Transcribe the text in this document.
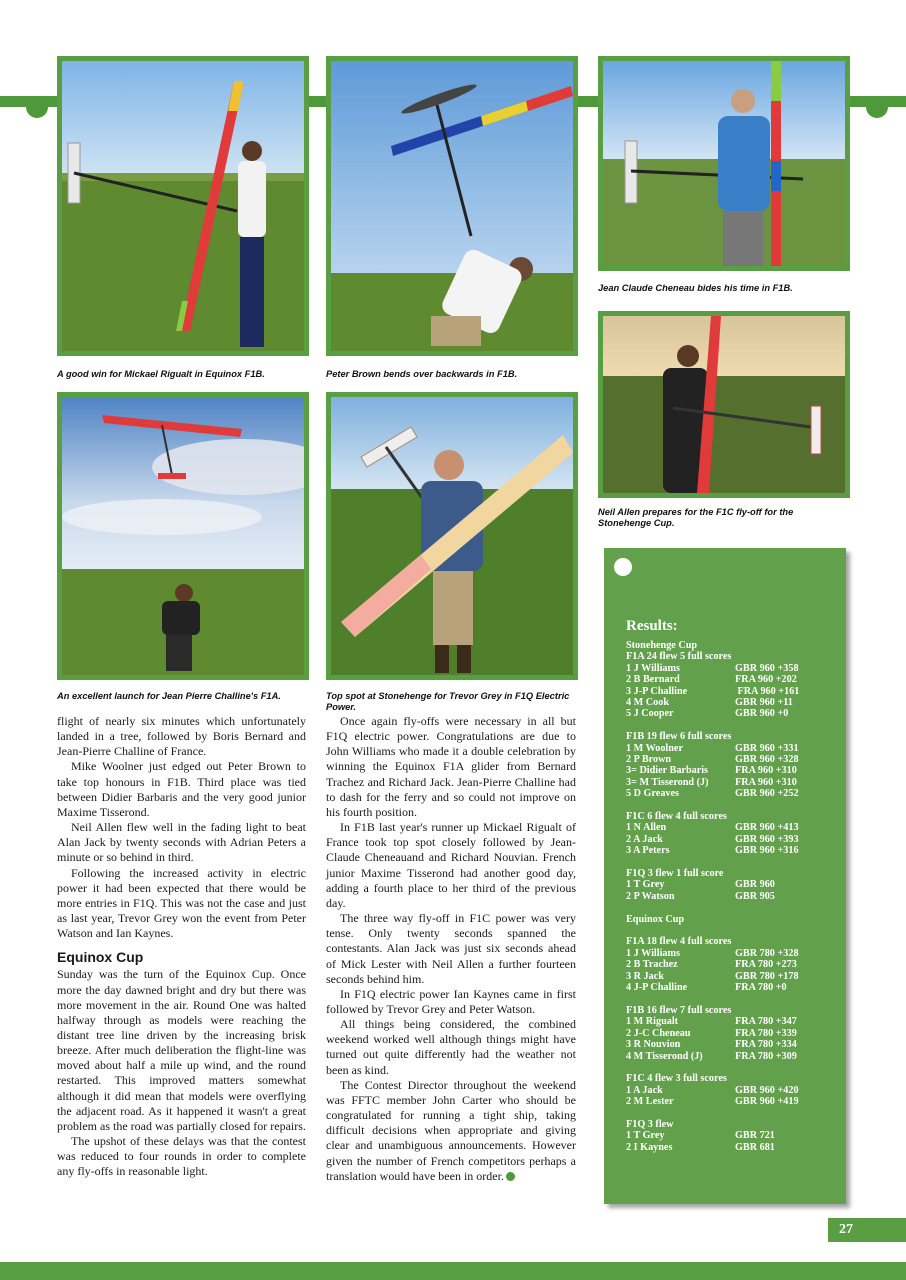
Jean Claude Cheneau bides his time in F1B.
Neil Allen prepares for the F1C fly-off for the Stonehenge Cup.
A good win for Mickael Rigualt in Equinox F1B.	Peter Brown bends over backwards in F1B.
An excellent launch for Jean Pierre Challine's F1A.	Top spot at Stonehenge for Trevor Grey in F1Q Electric Power.

flight of nearly six minutes which unfortunately landed in a tree, followed by Boris Bernard and Jean-Pierre Challine of France.

Mike Woolner just edged out Peter Brown to take top honours in F1B. Third place was tied between Didier Barbaris and the very good junior Maxime Tisserond.

Neil Allen flew well in the fading light to beat Alan Jack by twenty seconds with Adrian Peters a minute or so behind in third.

Following the increased activity in electric power it had been expected that there would be more entries in F1Q. This was not the case and just as last year, Trevor Grey won the event from Peter Watson and Ian Kaynes.

Equinox Cup

Sunday was the turn of the Equinox Cup. Once more the day dawned bright and dry but there was more movement in the air. Round One was halted halfway through as models were reaching the distant tree line driven by the increasing brisk breeze. After much deliberation the flight-line was moved about half a mile up wind, and the round restarted. This improved matters somewhat although it did mean that models were overflying the adjacent road. As it happened it wasn't a great problem as the road was partially closed for repairs.

The upshot of these delays was that the contest was reduced to four rounds in order to complete any fly-offs in reasonable light.

Once again fly-offs were necessary in all but F1Q electric power. Congratulations are due to John Williams who made it a double celebration by winning the Equinox F1A glider from Bernard Trachez and Richard Jack. Jean-Pierre Challine had to dash for the ferry and so could not improve on his fourth position.

In F1B last year's runner up Mickael Rigualt of France took top spot closely followed by Jean-Claude Cheneauand and Richard Nouvian. French junior Maxime Tisserond had another good day, adding a fourth place to her third of the previous day.

The three way fly-off in F1C power was very tense. Only twenty seconds spanned the contestants. Alan Jack was just six seconds ahead of Mick Lester with Neil Allen a further fourteen seconds behind him.

In F1Q electric power Ian Kaynes came in first followed by Trevor Grey and Peter Watson.

All things being considered, the combined weekend worked well although things might have turned out quite differently had the weather not been as kind.

The Contest Director throughout the weekend was FFTC member John Carter who should be congratulated for running a tight ship, taking difficult decisions when appropriate and giving clear and unambiguous announcements. However given the number of French competitors perhaps a translation would have been in order.

Results:
Stonehenge Cup
F1A 24 flew 5 full scores
1 J Williams	GBR 960 +358
2 B Bernard	FRA 960 +202
3 J-P Challine	FRA 960 +161
4 M Cook	GBR 960 +11
5 J Cooper	GBR 960 +0
F1B 19 flew 6 full scores
1 M Woolner	GBR 960 +331
2 P Brown	GBR 960 +328
3= Didier Barbaris	FRA 960 +310
3= M Tisserond (J)	FRA 960 +310
5 D Greaves	GBR 960 +252
F1C 6 flew 4 full scores
1 N Allen	GBR 960 +413
2 A Jack	GBR 960 +393
3 A Peters	GBR 960 +316
F1Q 3 flew 1 full score
1 T Grey	GBR 960
2 P Watson	GBR 905
Equinox Cup
F1A 18 flew 4 full scores
1 J Williams	GBR 780 +328
2 B Trachez	FRA 780 +273
3 R Jack	GBR 780 +178
4 J-P Challine	FRA 780 +0
F1B 16 flew 7 full scores
1 M Rigualt	FRA 780 +347
2 J-C Cheneau	FRA 780 +339
3 R Nouvion	FRA 780 +334
4 M Tisserond (J)	FRA 780 +309
F1C 4 flew 3 full scores
1 A Jack	GBR 960 +420
2 M Lester	GBR 960 +419
F1Q 3 flew
1 T Grey	GBR 721
2 I Kaynes	GBR 681
27
